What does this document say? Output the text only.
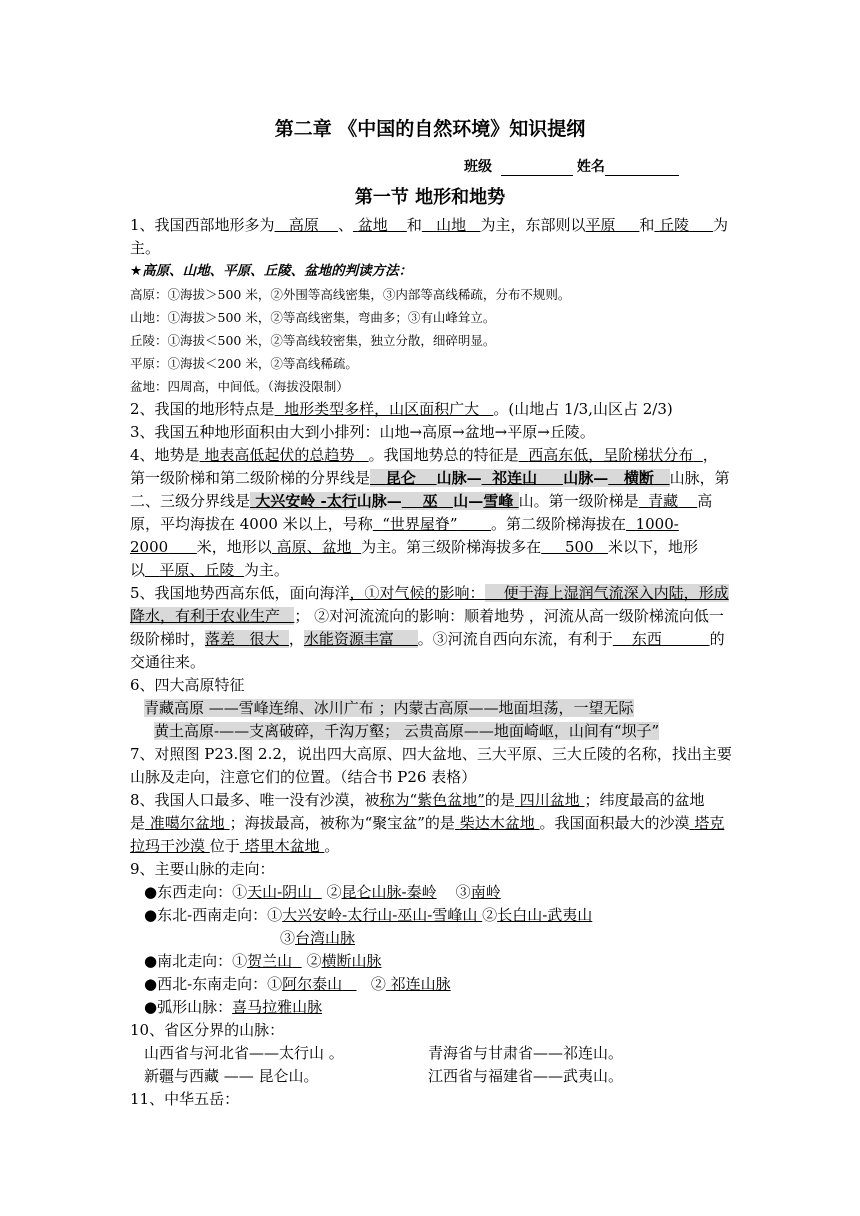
第二章 《中国的自然环境》知识提纲
班级	姓名
第一节 地形和地势

1、我国西部地形多为 高原 、 盆地 和 山地 为主，东部则以平原 和 丘陵 为主。

★高原、山地、平原、丘陵、盆地的判读方法：

高原：①海拔＞500 米，②外围等高线密集，③内部等高线稀疏，分布不规则。

山地：①海拔＞500 米，②等高线密集，弯曲多；③有山峰耸立。

丘陵：①海拔＜500 米，②等高线较密集，独立分散，细碎明显。

平原：①海拔＜200 米，②等高线稀疏。

盆地：四周高，中间低。（海拔没限制）

2、我国的地形特点是 地形类型多样，山区面积广大 。(山地占 1/3,山区占 2/3)

3、我国五种地形面积由大到小排列：山地→高原→盆地→平原→丘陵。

4、地势是 地表高低起伏的总趋势 。我国地势总的特征是 西高东低，呈阶梯状分布 ，第一级阶梯和第二级阶梯的分界线是 昆仑 山脉— 祁连山 山脉— 横断 山脉，第二、三级分界线是 大兴安岭 -太行山脉— 巫 山—雪峰 山。第一级阶梯是 青藏 高原，平均海拔在 4000 米以上，号称 “世界屋脊” 。第二级阶梯海拔在 1000-2000 米，地形以 高原、盆地 为主。第三级阶梯海拔多在 500 米以下，地形以 平原、丘陵 为主。

5、我国地势西高东低，面向海洋，①对气候的影响： 便于海上湿润气流深入内陆，形成降水，有利于农业生产 ； ②对河流流向的影响：顺着地势 ，河流从高一级阶梯流向低一级阶梯时，落差 很大 ，水能资源丰富 。③河流自西向东流，有利于 东西	的交通往来。

6、四大高原特征

青藏高原 ——雪峰连绵、冰川广布 ；内蒙古高原——地面坦荡，一望无际

黄土高原-——支离破碎，千沟万壑； 云贵高原——地面崎岖，山间有“坝子”

7、对照图 P23.图 2.2，说出四大高原、四大盆地、三大平原、三大丘陵的名称，找出主要山脉及走向，注意它们的位置。（结合书 P26 表格）

8、我国人口最多、唯一没有沙漠，被称为“紫色盆地”的是 四川盆地 ；纬度最高的盆地是 准噶尔盆地 ；海拔最高，被称为“聚宝盆”的是 柴达木盆地 。我国面积最大的沙漠 塔克拉玛干沙漠 位于 塔里木盆地 。

9、主要山脉的走向：

●东西走向：①天山-阴山 ②昆仑山脉-秦岭 ③南岭

●东北-西南走向：①大兴安岭-太行山-巫山-雪峰山 ②长白山-武夷山

③台湾山脉

●南北走向：①贺兰山 ②横断山脉

●西北-东南走向：①阿尔泰山 ② 祁连山脉

●弧形山脉：喜马拉雅山脉

10、省区分界的山脉：

山西省与河北省——太行山 。	青海省与甘肃省——祁连山。

新疆与西藏 —— 昆仑山。	江西省与福建省——武夷山。

11、中华五岳：
